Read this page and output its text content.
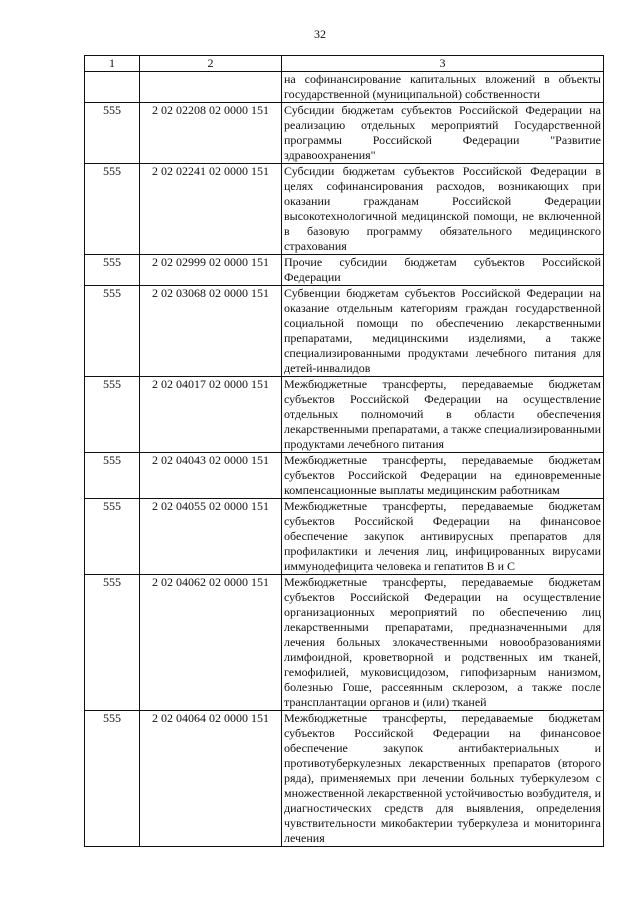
32
1	2	3
		на софинансирование капитальных вложений в объекты государственной (муниципальной) собственности
555	2 02 02208 02 0000 151	Субсидии бюджетам субъектов Российской Федерации на реализацию отдельных мероприятий Государственной программы Российской Федерации "Развитие здравоохранения"
555	2 02 02241 02 0000 151	Субсидии бюджетам субъектов Российской Федерации в целях софинансирования расходов, возникающих при оказании гражданам Российской Федерации высокотехнологичной медицинской помощи, не включенной в базовую программу обязательного медицинского страхования
555	2 02 02999 02 0000 151	Прочие субсидии бюджетам субъектов Российской Федерации
555	2 02 03068 02 0000 151	Субвенции бюджетам субъектов Российской Федерации на оказание отдельным категориям граждан государственной социальной помощи по обеспечению лекарственными препаратами, медицинскими изделиями, а также специализированными продуктами лечебного питания для детей-инвалидов
555	2 02 04017 02 0000 151	Межбюджетные трансферты, передаваемые бюджетам субъектов Российской Федерации на осуществление отдельных полномочий в области обеспечения лекарственными препаратами, а также специализированными продуктами лечебного питания
555	2 02 04043 02 0000 151	Межбюджетные трансферты, передаваемые бюджетам субъектов Российской Федерации на единовременные компенсационные выплаты медицинским работникам
555	2 02 04055 02 0000 151	Межбюджетные трансферты, передаваемые бюджетам субъектов Российской Федерации на финансовое обеспечение закупок антивирусных препаратов для профилактики и лечения лиц, инфицированных вирусами иммунодефицита человека и гепатитов B и C
555	2 02 04062 02 0000 151	Межбюджетные трансферты, передаваемые бюджетам субъектов Российской Федерации на осуществление организационных мероприятий по обеспечению лиц лекарственными препаратами, предназначенными для лечения больных злокачественными новообразованиями лимфоидной, кроветворной и родственных им тканей, гемофилией, муковисцидозом, гипофизарным нанизмом, болезнью Гоше, рассеянным склерозом, а также после трансплантации органов и (или) тканей
555	2 02 04064 02 0000 151	Межбюджетные трансферты, передаваемые бюджетам субъектов Российской Федерации на финансовое обеспечение закупок антибактериальных и противотуберкулезных лекарственных препаратов (второго ряда), применяемых при лечении больных туберкулезом с множественной лекарственной устойчивостью возбудителя, и диагностических средств для выявления, определения чувствительности микобактерии туберкулеза и мониторинга лечения
